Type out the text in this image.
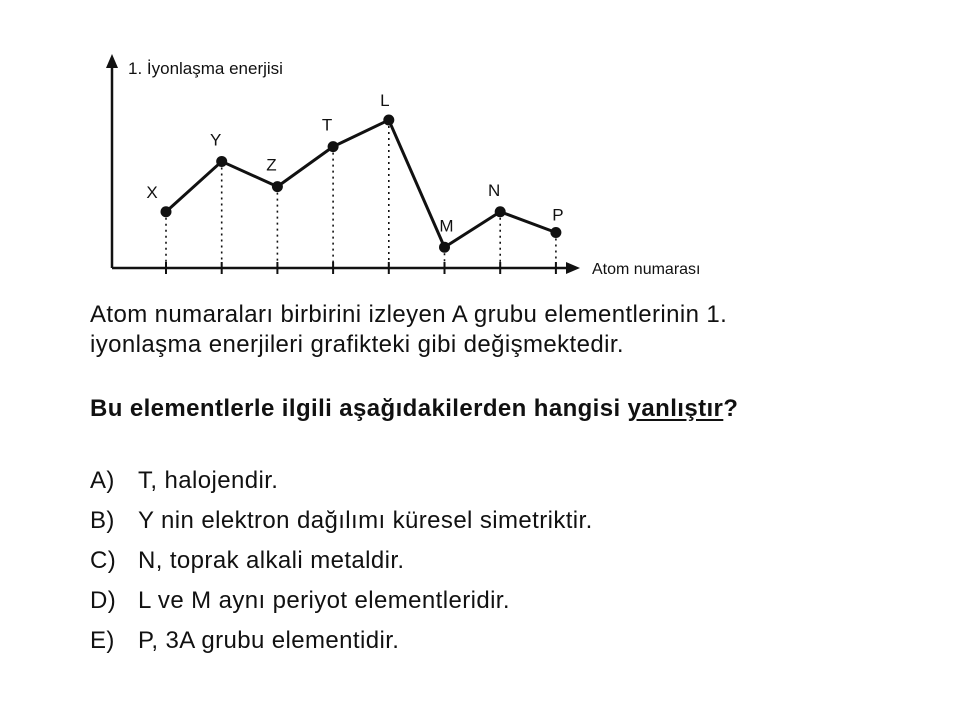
1. İyonlaşma enerjisi
Atom numarası
X
Y
Z
T
L
M
N
P
Atom numaraları birbirini izleyen A grubu elementlerinin 1. iyonlaşma enerjileri grafikteki gibi değişmektedir.
Bu elementlerle ilgili aşağıdakilerden hangisi yanlıştır?
A) T, halojendir.
B) Y nin elektron dağılımı küresel simetriktir.
C) N, toprak alkali metaldir.
D) L ve M aynı periyot elementleridir.
E) P, 3A grubu elementidir.
